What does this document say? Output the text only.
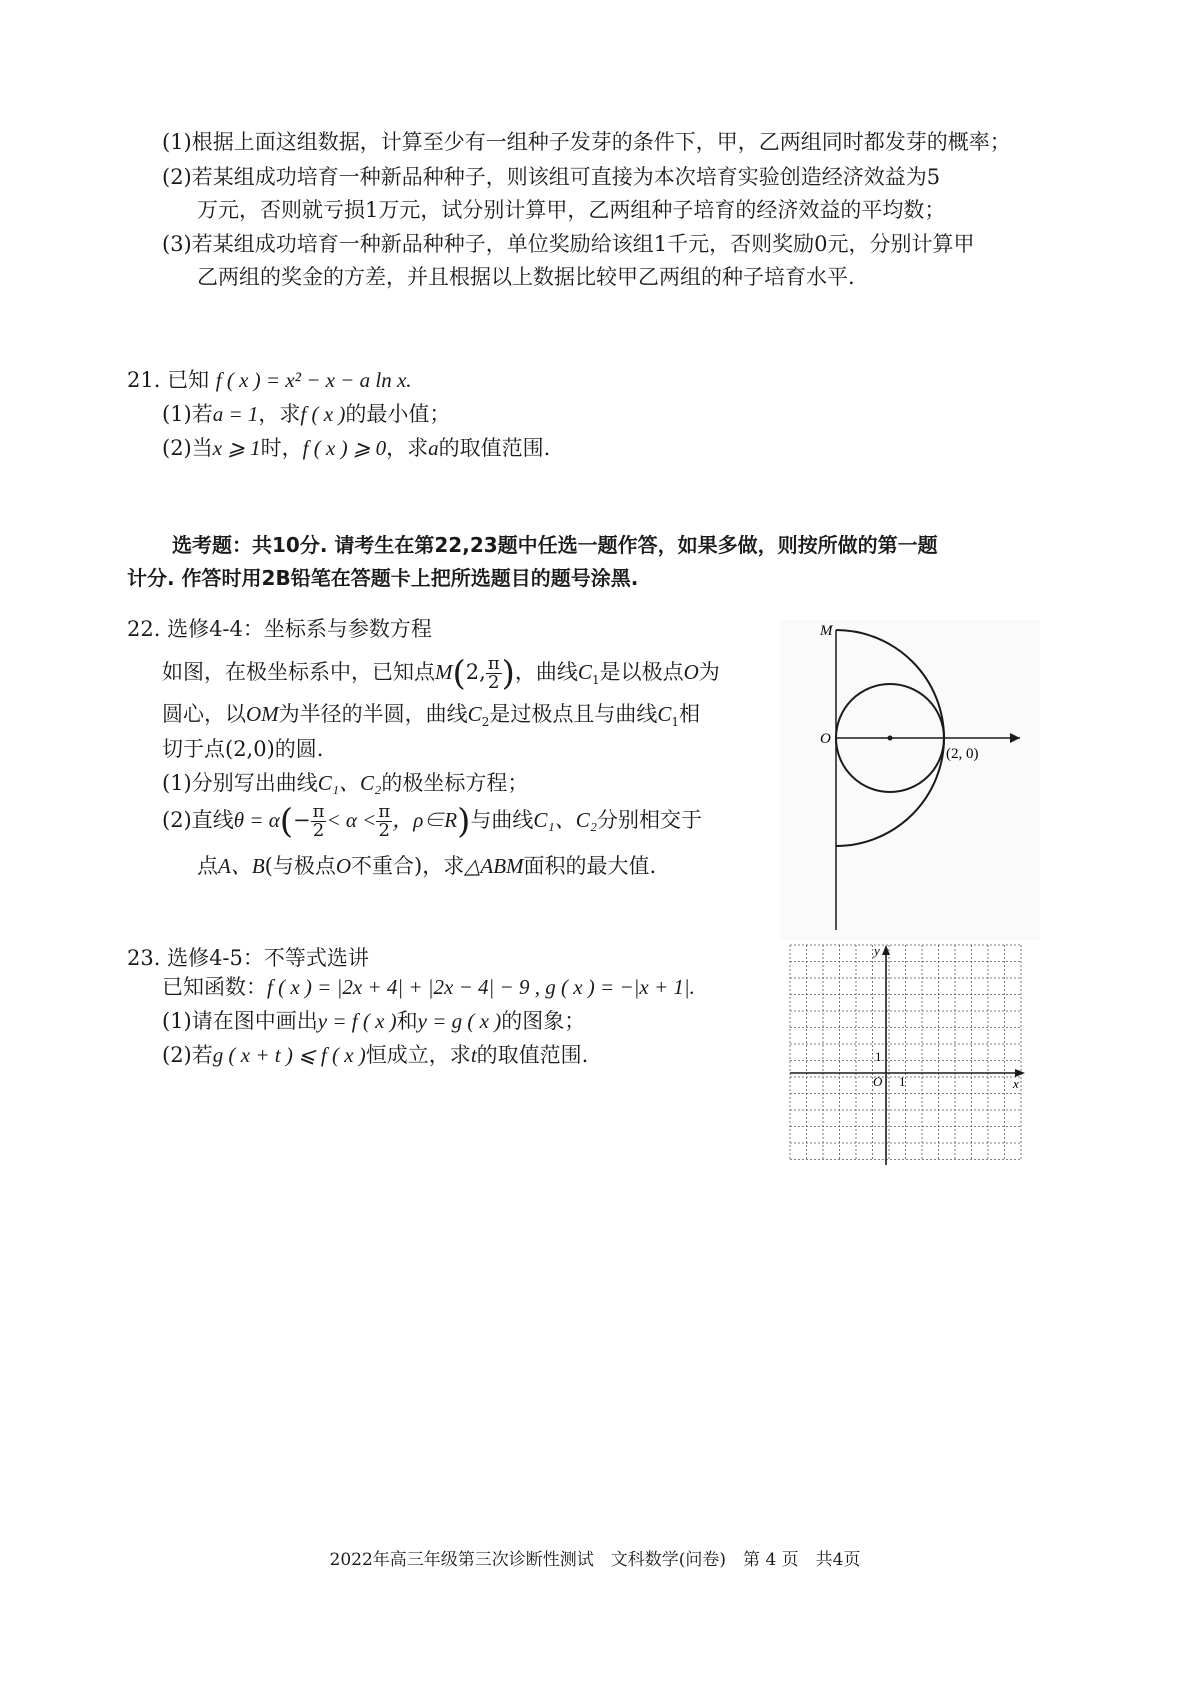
(1)根据上面这组数据，计算至少有一组种子发芽的条件下，甲，乙两组同时都发芽的概率；
(2)若某组成功培育一种新品种种子，则该组可直接为本次培育实验创造经济效益为5
万元，否则就亏损1万元，试分别计算甲，乙两组种子培育的经济效益的平均数；
(3)若某组成功培育一种新品种种子，单位奖励给该组1千元，否则奖励0元，分别计算甲
乙两组的奖金的方差，并且根据以上数据比较甲乙两组的种子培育水平.
21. 已知 f ( x ) = x² − x − a ln x.
(1)若a = 1，求f ( x )的最小值；
(2)当x ⩾ 1时，f ( x ) ⩾ 0，求a的取值范围.
选考题：共10分. 请考生在第22,23题中任选一题作答，如果多做，则按所做的第一题
计分. 作答时用2B铅笔在答题卡上把所选题目的题号涂黑.
22. 选修4-4：坐标系与参数方程
如图，在极坐标系中，已知点M(2, $\frac{\pi}{2}$ )，曲线$C_1$是以极点O为
圆心，以OM为半径的半圆，曲线$C_2$是过极点且与曲线$C_1$相
切于点(2,0)的圆.
(1)分别写出曲线C₁、C₂的极坐标方程；
(2)直线$\theta = \alpha(- \frac{\pi}{2} < \alpha < \frac{\pi}{2}$ ，ρ∈R)与曲线C₁、C₂分别相交于
点A、B(与极点O不重合)，求△ABM面积的最大值.
M
O
(2, 0)
23. 选修4-5：不等式选讲
已知函数：f ( x ) = |2x + 4| + |2x − 4| − 9 , g ( x ) = −|x + 1|.
(1)请在图中画出y = f ( x )和y = g ( x )的图象；
(2)若g ( x + t ) ⩽ f ( x )恒成立，求t的取值范围.
y
x
1
1
O
2022年高三年级第三次诊断性测试　文科数学(问卷)　第 4 页　共4页
